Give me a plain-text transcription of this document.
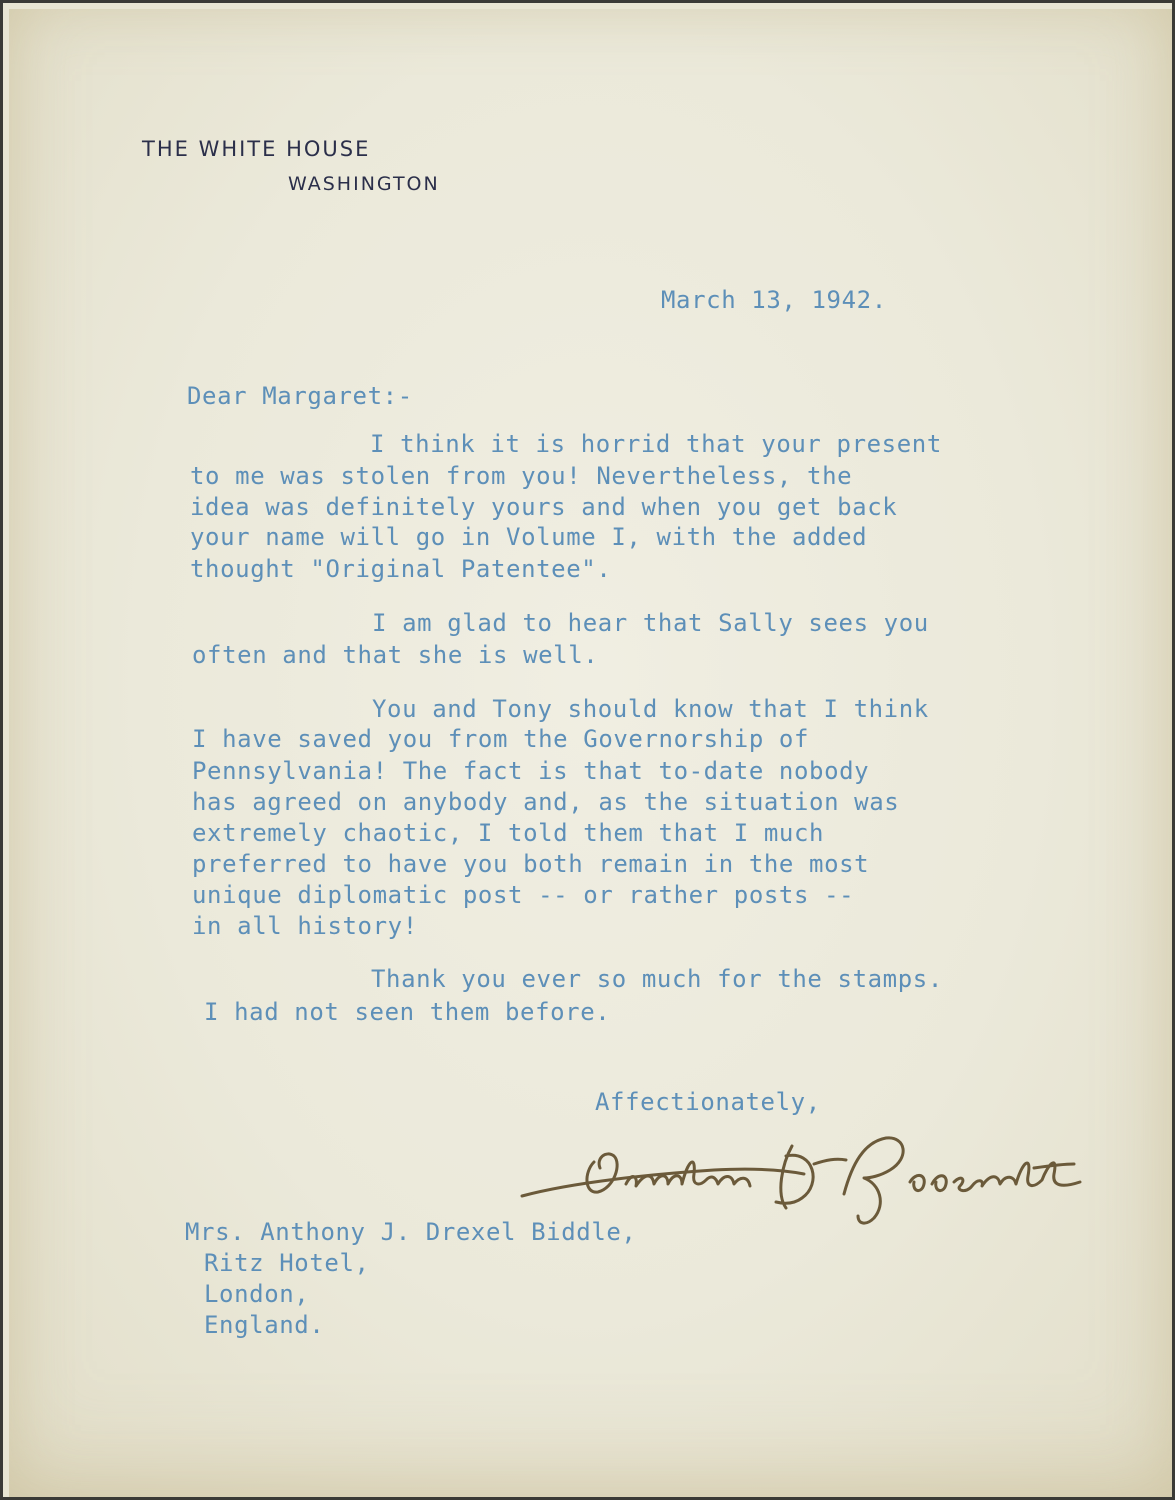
THE WHITE HOUSE
WASHINGTON
March 13, 1942.
Dear Margaret:-
I think it is horrid that your present
to me was stolen from you! Nevertheless, the
idea was definitely yours and when you get back
your name will go in Volume I, with the added
thought "Original Patentee".
I am glad to hear that Sally sees you
often and that she is well.
You and Tony should know that I think
I have saved you from the Governorship of
Pennsylvania! The fact is that to-date nobody
has agreed on anybody and, as the situation was
extremely chaotic, I told them that I much
preferred to have you both remain in the most
unique diplomatic post -- or rather posts --
in all history!
Thank you ever so much for the stamps.
I had not seen them before.
Affectionately,
Mrs. Anthony J. Drexel Biddle,
Ritz Hotel,
London,
England.
